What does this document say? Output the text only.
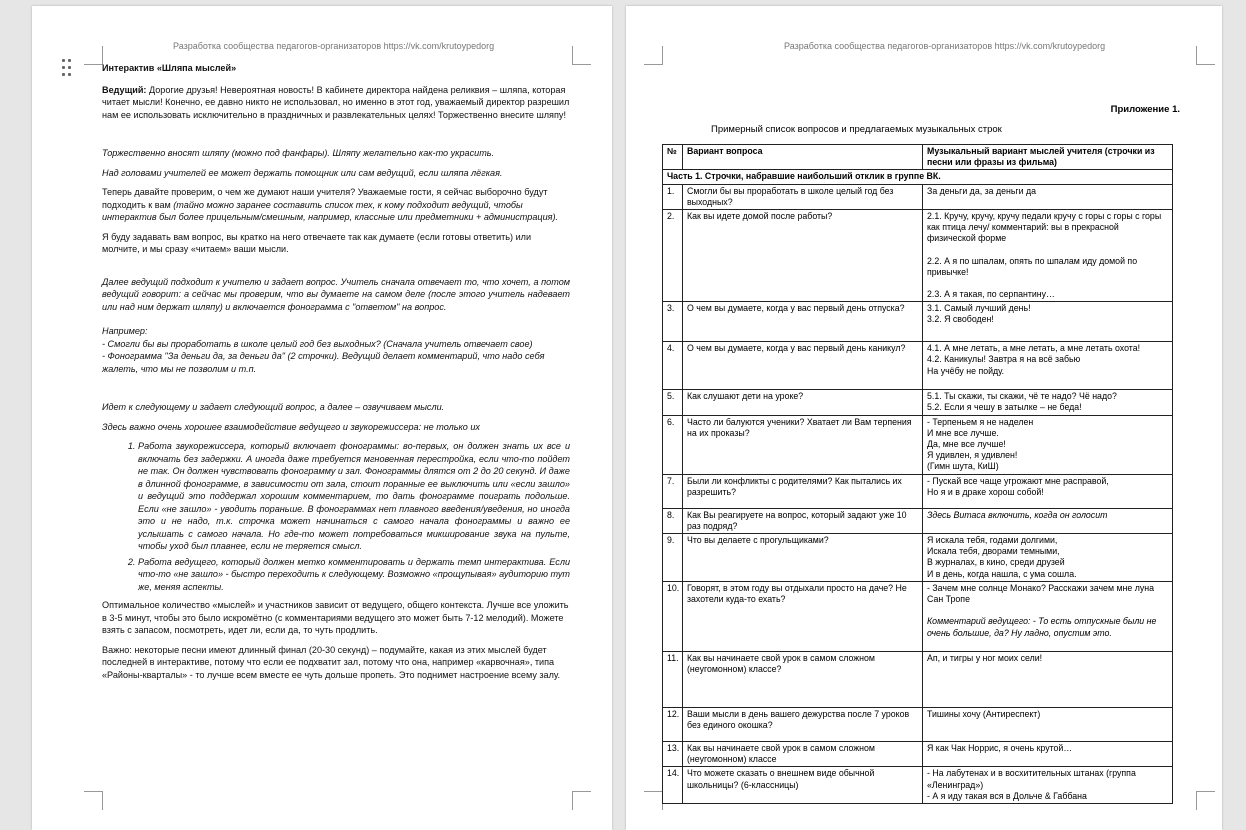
Разработка сообщества педагогов-организаторов https://vk.com/krutoypedorg

Интерактив «Шляпа мыслей»

Ведущий: Дорогие друзья! Невероятная новость! В кабинете директора найдена реликвия – шляпа, которая читает мысли! Конечно, ее давно никто не использовал, но именно в этот год, уважаемый директор разрешил нам ее использовать исключительно в праздничных и развлекательных целях! Торжественно внесите шляпу!

Торжественно вносят шляпу (можно под фанфары). Шляпу желательно как-то украсить.

Над головами учителей ее может держать помощник или сам ведущий, если шляпа лёгкая.

Теперь давайте проверим, о чем же думают наши учителя? Уважаемые гости, я сейчас выборочно будут подходить к вам (тайно можно заранее составить список тех, к кому подходит ведущий, чтобы интерактив был более прицельным/смешным, например, классные или предметники + администрация).

Я буду задавать вам вопрос, вы кратко на него отвечаете так как думаете (если готовы ответить) или молчите, и мы сразу «читаем» ваши мысли.

Далее ведущий подходит к учителю и задает вопрос. Учитель сначала отвечает то, что хочет, а потом ведущий говорит: а сейчас мы проверим, что вы думаете на самом деле (после этого учитель надевает или над ним держат шляпу) и включается фонограмма с "ответом" на вопрос.

Например:

- Смогли бы вы проработать в школе целый год без выходных? (Сначала учитель отвечает свое)

- Фонограмма "За деньги да, за деньги да" (2 строчки). Ведущий делает комментарий, что надо себя жалеть, что мы не позволим и т.п.

Идет к следующему и задает следующий вопрос, а далее – озвучиваем мысли.

Здесь важно очень хорошее взаимодействие ведущего и звукорежиссера: не только их

1. Работа звукорежиссера, который включает фонограммы: во-первых, он должен знать их все и включать без задержки. А иногда даже требуется мгновенная перестройка, если что-то пойдет не так. Он должен чувствовать фонограмму и зал. Фонограммы длятся от 2 до 20 секунд. И даже в длинной фонограмме, в зависимости от зала, стоит поранные ее выключить или «если зашло» и ведущий это поддержал хорошим комментарием, то дать фонограмме поиграть подольше. Если «не зашло» - уводить пораньше. В фонограммах нет плавного введения/уведения, но иногда это и не надо, т.к. строчка может начинаться с самого начала фонограммы и важно ее услышать с самого начала. Но где-то может потребоваться микширование звука на пульте, чтобы уход был плавнее, если не теряется смысл.
2. Работа ведущего, который должен метко комментировать и держать темп интерактива. Если что-то «не зашло» - быстро переходить к следующему. Возможно «прощупывая» аудиторию тут же, меняя аспекты.

Оптимальное количество «мыслей» и участников зависит от ведущего, общего контекста. Лучше все уложить в 3-5 минут, чтобы это было искромётно (с комментариями ведущего это может быть 7-12 мелодий). Можете взять с запасом, посмотреть, идет ли, если да, то чуть продлить.

Важно: некоторые песни имеют длинный финал (20-30 секунд) – подумайте, какая из этих мыслей будет последней в интерактиве, потому что если ее подхватит зал, потому что она, например «карвочная», типа «Районы-кварталы» - то лучше всем вместе ее чуть дольше пропеть. Это поднимет настроение всему залу.

Разработка сообщества педагогов-организаторов https://vk.com/krutoypedorg
Приложение 1.
Примерный список вопросов и предлагаемых музыкальных строк
№	Вариант вопроса	Музыкальный вариант мыслей учителя (строчки из песни или фразы из фильма)
Часть 1. Строчки, набравшие наибольший отклик в группе ВК.		
1.	Смогли бы вы проработать в школе целый год без выходных?	За деньги да, за деньги да

2.	Как вы идете домой после работы?	2.1. Кручу, кручу, кручу педали кручу с горы с горы с горы как птица лечу/ комментарий: вы в прекрасной физической форме
2.2. А я по шпалам, опять по шпалам иду домой по привычке!
2.3. А я такая, по серпантину…

3.	О чем вы думаете, когда у вас первый день отпуска?	3.1. Самый лучший день!
3.2. Я свободен!

4.	О чем вы думаете, когда у вас первый день каникул?	4.1. А мне летать, а мне летать, а мне летать охота!
4.2. Каникулы! Завтра я на всё забью
На учёбу не пойду.

5.	Как слушают дети на уроке?	5.1. Ты скажи, ты скажи, чё те надо? Чё надо?
5.2. Если я чешу в затылке – не беда!

6.	Часто ли балуются ученики? Хватает ли Вам терпения на их проказы?	- Терпеньем я не наделен
И мне все лучше.
Да, мне все лучше!
Я удивлен, я удивлен!
(Гимн шута, КиШ)

7.	Были ли конфликты с родителями? Как пытались их разрешить?	- Пускай все чаще угрожают мне расправой,
Но я и в драке хорош собой!

8.	Как Вы реагируете на вопрос, который задают уже 10 раз подряд?	Здесь Витаса включить, когда он голосит

9.	Что вы делаете с прогульщиками?	Я искала тебя, годами долгими,
Искала тебя, дворами темными,
В журналах, в кино, среди друзей
И в день, когда нашла, с ума сошла.

10.	Говорят, в этом году вы отдыхали просто на даче? Не захотели куда-то ехать?	- Зачем мне солнце Монако? Расскажи зачем мне луна Сан Тропе
Комментарий ведущего: - То есть отпускные были не очень большие, да? Ну ладно, опустим это.

11.	Как вы начинаете свой урок в самом сложном (неугомонном) классе?	Ап, и тигры у ног моих сели!

12.	Ваши мысли в день вашего дежурства после 7 уроков без единого окошка?	Тишины хочу (Антиреспект)

13.	Как вы начинаете свой урок в самом сложном (неугомонном) классе	Я как Чак Норрис, я очень крутой…

14.	Что можете сказать о внешнем виде обычной школьницы? (6-классницы)	- На лабутенах и в восхитительных штанах (группа «Ленинград»)
- А я иду такая вся в Дольче & Габбана
